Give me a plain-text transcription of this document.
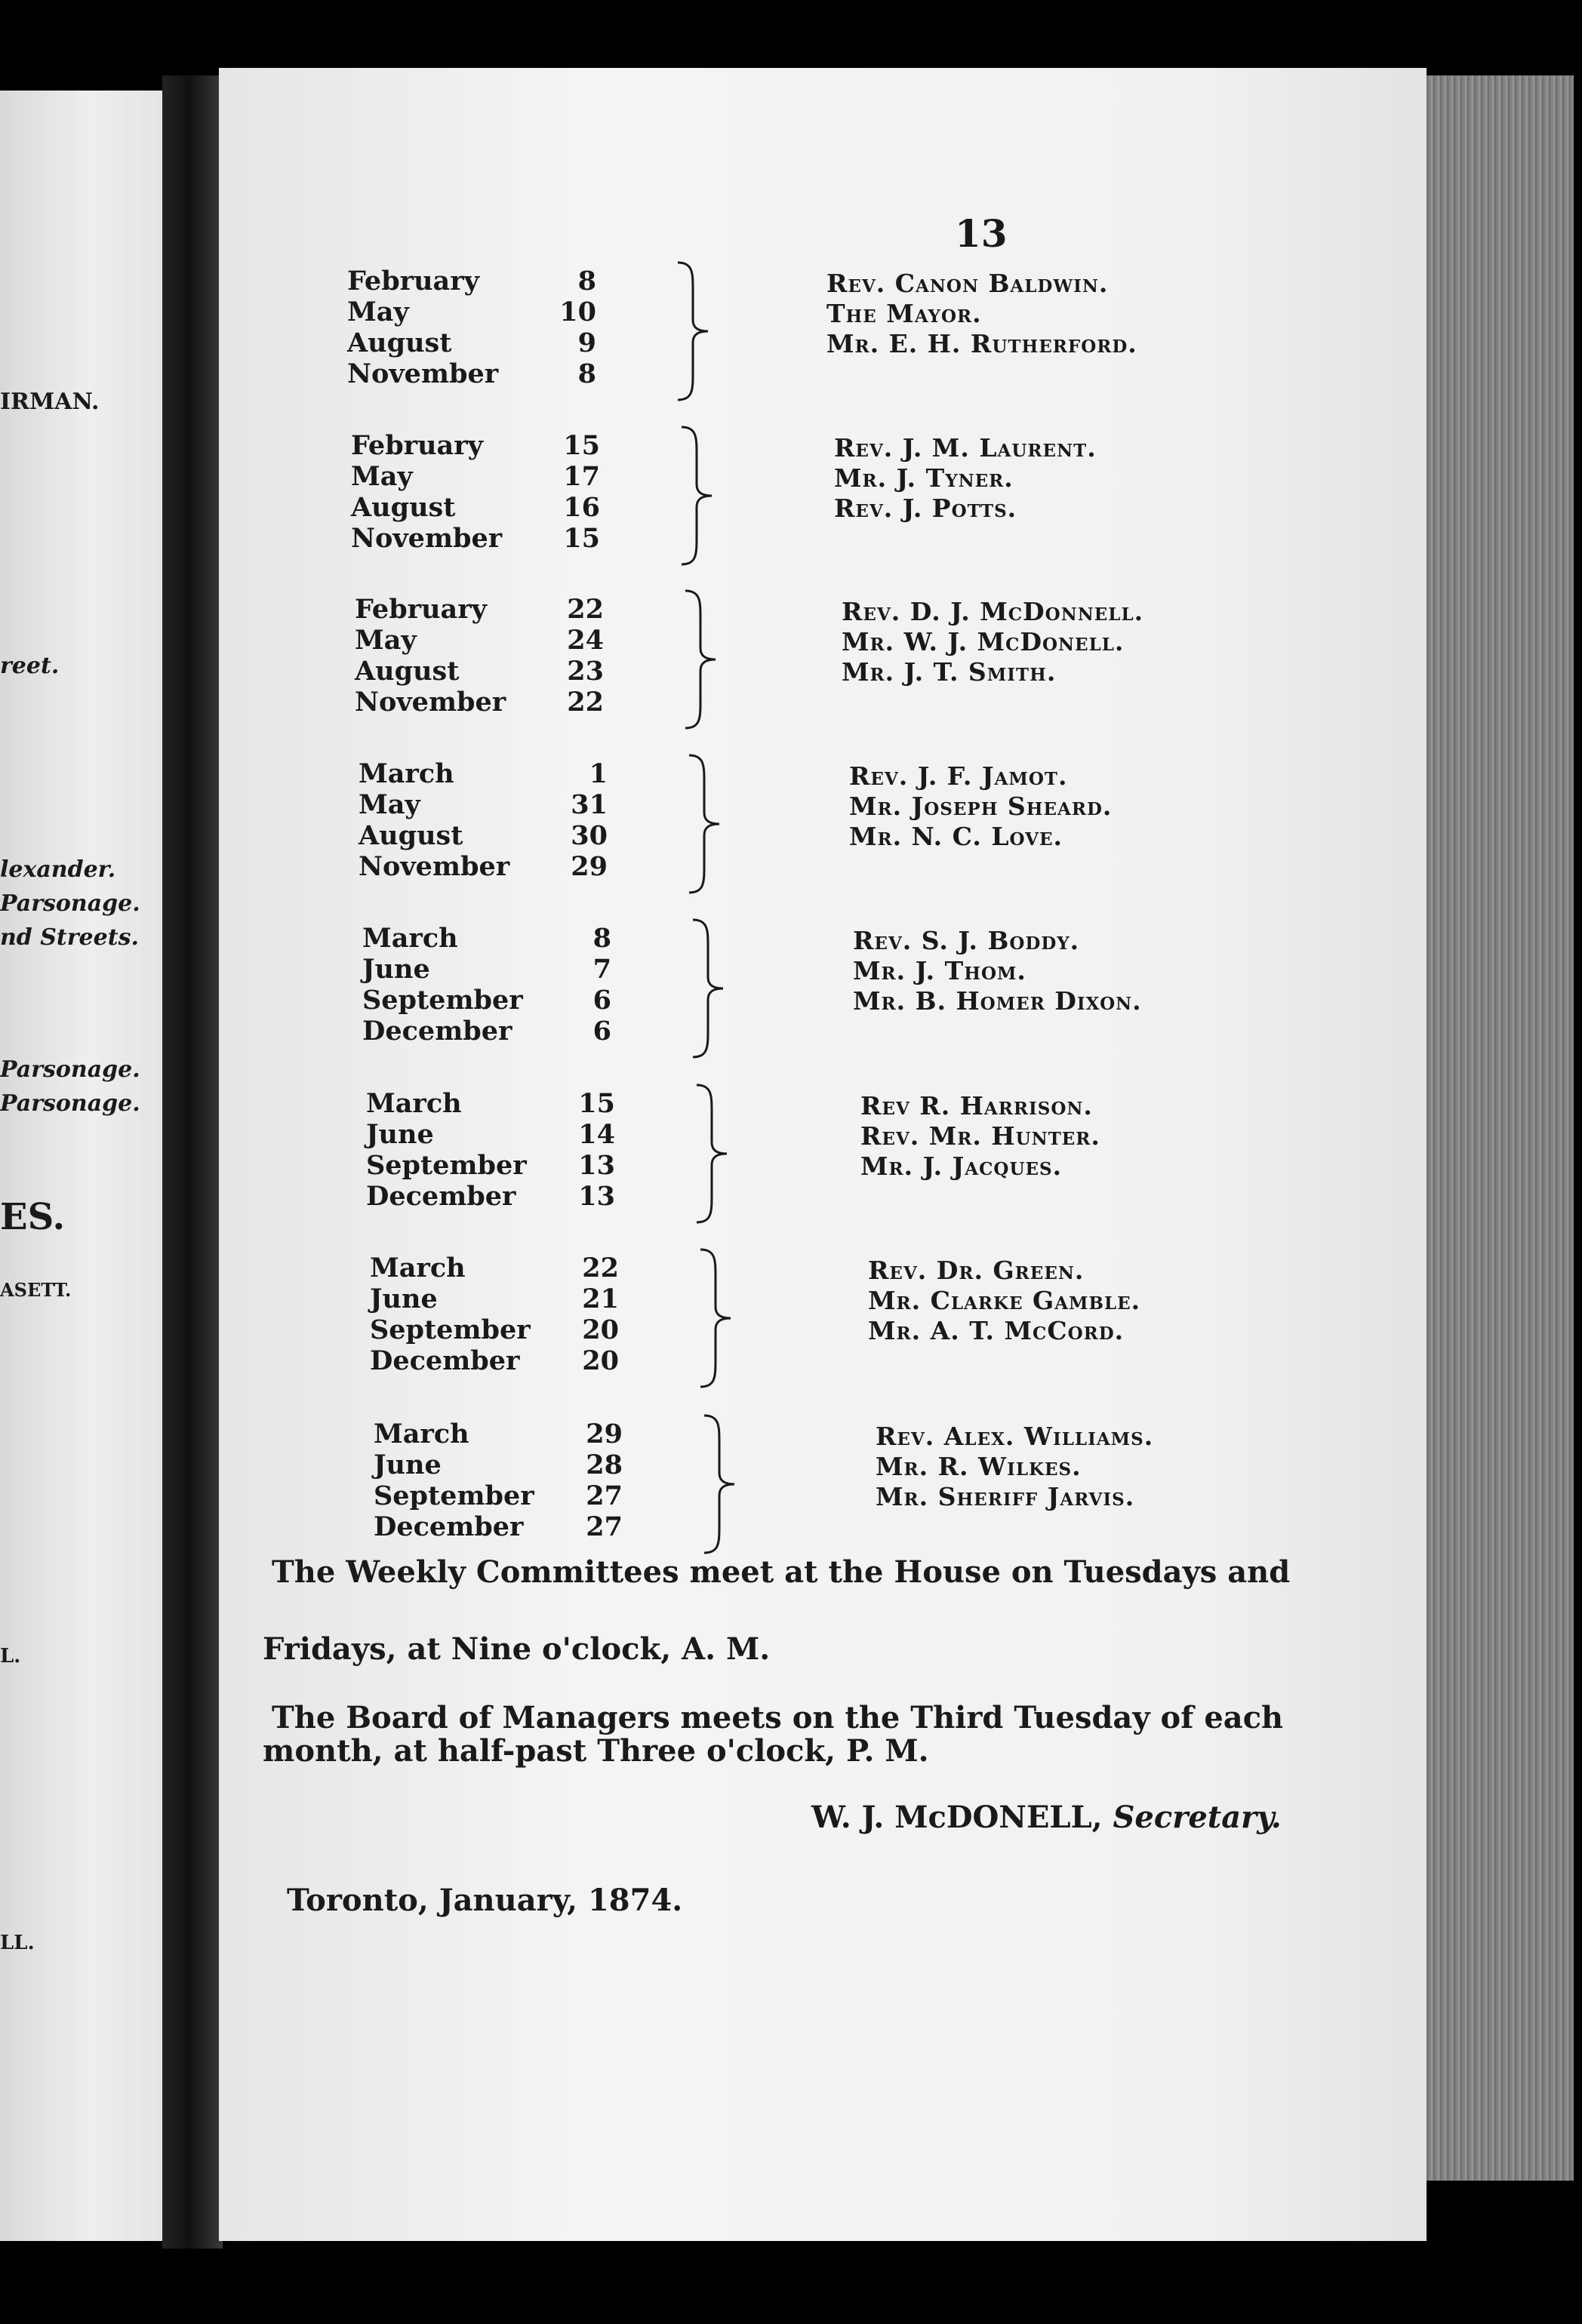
IRMAN.
reet.
lexander.
Parsonage.
nd Streets.
Parsonage.
Parsonage.
ES.
ASETT.
L.
LL.
13
February	8
May	10
August	9
November	8
Rev. Canon Baldwin.
The Mayor.
Mr. E. H. Rutherford.
February	15
May	17
August	16
November 15
Rev. J. M. Laurent.
Mr. J. Tyner.
Rev. J. Potts.
February	22
May	24
August	23
November 22
Rev. D. J. McDonnell.
Mr. W. J. McDonell.
Mr. J. T. Smith.
March	1
May	31
August	30
November 29
Rev. J. F. Jamot.
Mr. Joseph Sheard.
Mr. N. C. Love.
March	8
June	7
September	6
December	6
Rev. S. J. Boddy.
Mr. J. Thom.
Mr. B. Homer Dixon.
March	15
June	14
September 13
December 13
Rev R. Harrison.
Rev. Mr. Hunter.
Mr. J. Jacques.
March	22
June	21
September 20
December 20
Rev. Dr. Green.
Mr. Clarke Gamble.
Mr. A. T. McCord.
March	29
June	28
September 27
December 27
Rev. Alex. Williams.
Mr. R. Wilkes.
Mr. Sheriff Jarvis.
The Weekly Committees meet at the House on Tuesdays and
Fridays, at Nine o'clock, A. M.
The Board of Managers meets on the Third Tuesday of each
month, at half-past Three o'clock, P. M.
W. J. McDONELL, Secretary.
Toronto, January, 1874.
